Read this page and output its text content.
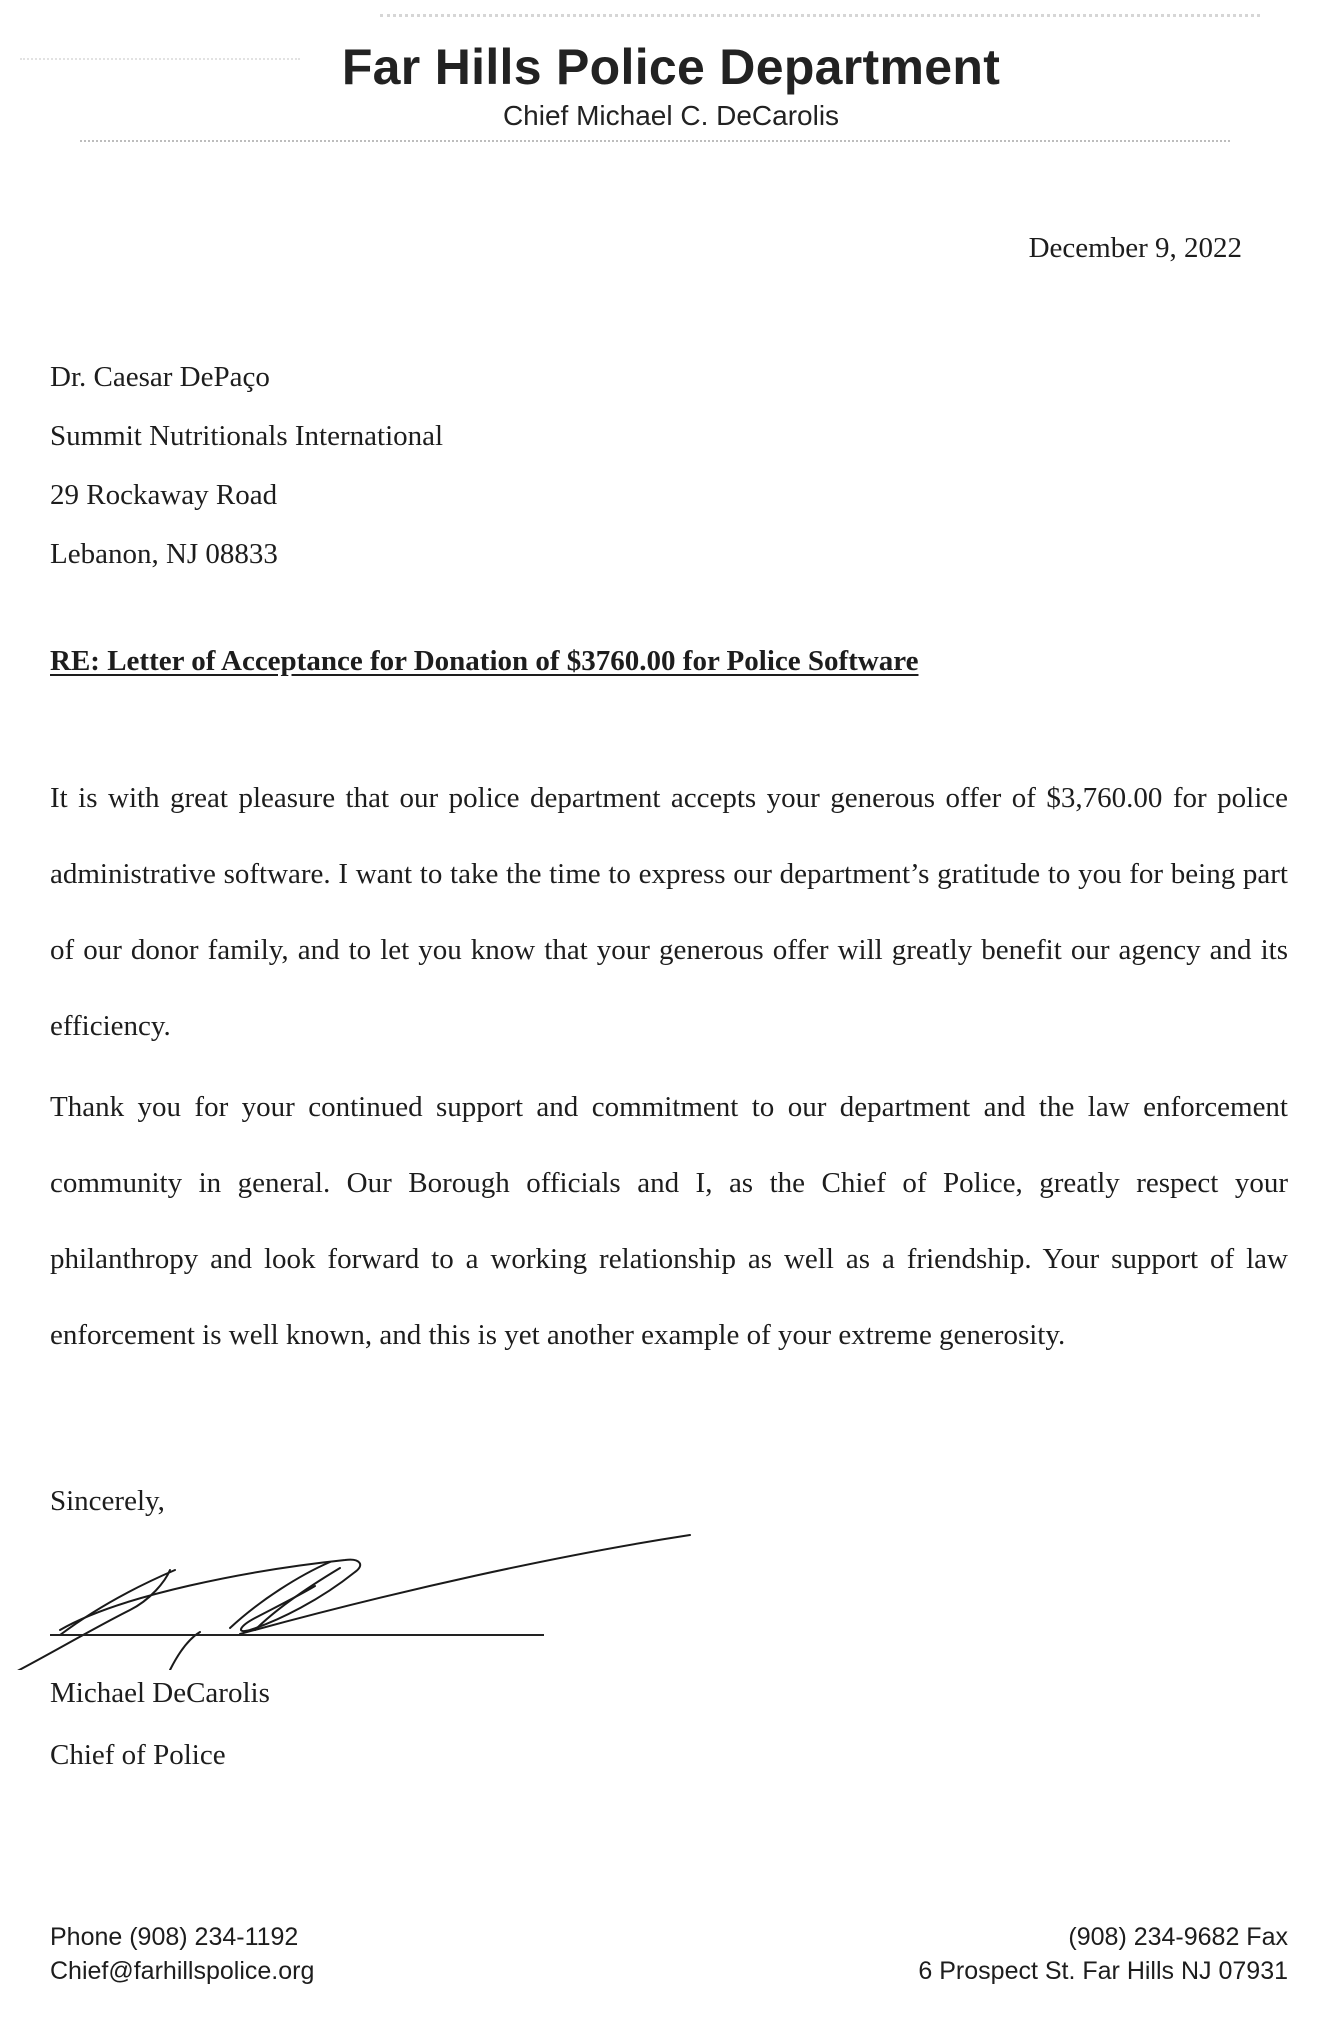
Far Hills Police Department
Chief Michael C. DeCarolis
December 9, 2022
Dr. Caesar DePaço
Summit Nutritionals International
29 Rockaway Road
Lebanon, NJ 08833
RE: Letter of Acceptance for Donation of $3760.00 for Police Software

It is with great pleasure that our police department accepts your generous offer of $3,760.00 for police administrative software. I want to take the time to express our department’s gratitude to you for being part of our donor family, and to let you know that your generous offer will greatly benefit our agency and its efficiency.

Thank you for your continued support and commitment to our department and the law enforcement community in general. Our Borough officials and I, as the Chief of Police, greatly respect your philanthropy and look forward to a working relationship as well as a friendship. Your support of law enforcement is well known, and this is yet another example of your extreme generosity.

Sincerely,
Michael DeCarolis
Chief of Police
Phone (908) 234-1192
Chief@farhillspolice.org
(908) 234-9682 Fax
6 Prospect St. Far Hills NJ 07931
